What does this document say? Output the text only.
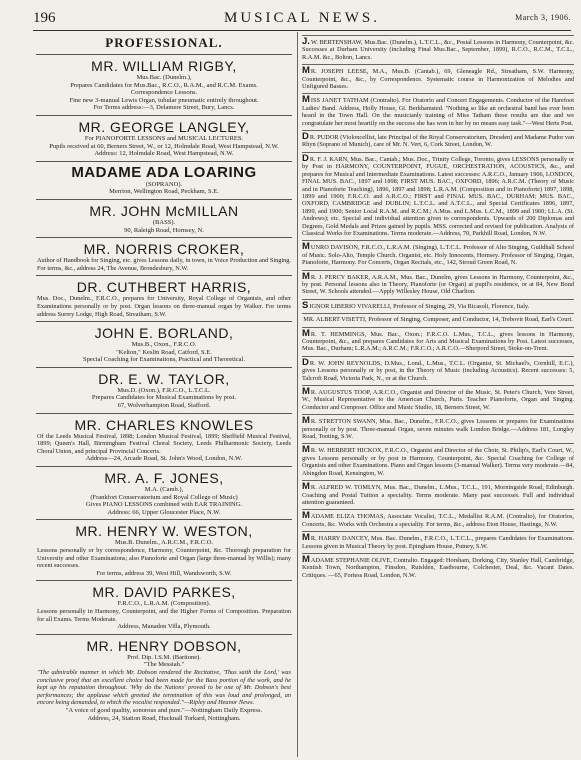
196	MUSICAL NEWS.	March 3, 1906.
PROFESSIONAL.
MR. WILLIAM RIGBY,
Mus.Bac. (Dunelm.),
Prepares Candidates for Mus.Bac., R.C.O., R.A.M., and R.C.M. Exams.
Correspondence Lessons.
Fine new 3-manual Lewis Organ, tubular pneumatic entirely throughout.
For Terms address:—3, Delamere Street, Bury, Lancs.
MR. GEORGE LANGLEY,
For PIANOFORTE LESSONS and MUSICAL LECTURES.
Pupils received at 60, Berners Street, W., or 12, Holmdale Road, West Hampstead, N.W.
Address: 12, Holmdale Road, West Hampstead, N.W.
MADAME ADA LOARING
(SOPRANO).
Merrion, Wellington Road, Peckham, S.E.
MR. JOHN McMILLAN
(BASS).
90, Raleigh Road, Hornsey, N.
MR. NORRIS CROKER,
Author of Handbook for Singing, etc. gives Lessons daily, in town, in Voice Production and Singing. For terms, &c., address 24, The Avenue, Brondesbury, N.W.
DR. CUTHBERT HARRIS,
Mus. Doc., Dunelm., F.R.C.O., prepares for University, Royal College of Organists, and other Examinations personally or by post. Organ lessons on three-manual organ by Walker. For terms address Surrey Lodge, High Road, Streatham, S.W.
JOHN E. BORLAND,
Mus.B., Oxon., F.R.C.O.
"Kelton," Keslin Road, Catford, S.E.
Special Coaching for Examinations, Practical and Theoretical.
DR. E. W. TAYLOR,
Mus.D. (Oxon.), F.R.C.O., L.T.C.L.
Prepares Candidates for Musical Examinations by post.
67, Wolverhampton Road, Stafford.
MR. CHARLES KNOWLES
Of the Leeds Musical Festival, 1898; London Musical Festival, 1899; Sheffield Musical Festival, 1899; Queen's Hall, Birmingham Festival Choral Society, Leeds Philharmonic Society, Leeds Choral Union, and principal Provincial Concerts.
Address—24, Arcade Road, St. John's Wood, London, N.W.
MR. A. F. JONES,
M.A. (Camb.),
(Frankfort Conservatorium and Royal College of Music)
Gives PIANO LESSONS combined with EAR TRAINING.
Address: 66, Upper Gloucester Place, N.W.
MR. HENRY W. WESTON,
Mus.B. Dunelm., A.R.C.M., F.R.C.O.
Lessons personally or by correspondence, Harmony, Counterpoint, &c. Thorough preparation for University and other Examinations; also Pianoforte and Organ (large three-manual by Willis); many recent successes.
For terms, address 39, West Hill, Wandsworth, S.W.
MR. DAVID PARKES,
F.R.C.O., L.R.A.M. (Composition).
Lessons personally in Harmony, Counterpoint, and the Higher Forms of Composition. Preparation for all Exams. Terms Moderate.
Address, Manadon Villa, Plymouth.
MR. HENRY DOBSON,
Prof. Dip. I.S.M. (Baritone).
"The Messiah."
"The admirable manner in which Mr. Dobson rendered the Recitative, 'Thus saith the Lord,' was conclusive proof that an excellent choice had been made for the Bass portion of the work, and he kept up his reputation throughout. 'Why do the Nations' proved to be one of Mr. Dobson's best performances; the applause which greeted the termination of this was loud and prolonged, an encore being demanded, to which the vocalist responded."—Ripley and Heanor News.
"A voice of good quality, sonorous and pure."—Nottingham Daily Express.
Address, 24, Station Road, Hucknall Torkard, Nottingham.
J.W. BERTENSHAW, Mus.Bac. (Dunelm.), L.T.C.L., &c., Postal Lessons in Harmony, Counterpoint, &c. Successes at Durham University (including Final Mus.Bac., September, 1899), R.C.O., R.C.M., T.C.L., R.A.M. &c., Bolton, Lancs.
MR. JOSEPH LEESE, M.A., Mus.B. (Cantab.), 69, Gleneagle Rd., Streatham, S.W. Harmony, Counterpoint, &c., &c., by Correspondence. Systematic course in Harmonization of Melodies and Unfigured Basses.
MISS JANET TATHAM (Contralto). For Oratorio and Concert Engagements. Conductor of the Harefoot Ladies' Band. Address, Holly House, Gt. Berkhamsted. "Nothing so like an orchestral band has ever been heard in the Town Hall. On the musicianly training of Miss Tatham these results are due and we congratulate her most heartily on the success she has won in her by no means easy task."—West Herts Post.
DR. PUDOR (Violoncellist, late Principal of the Royal Conservatorium, Dresden) and Madame Pudor van Rhyn (Soprano of Munich), care of Mr. N. Vert, 6, Cork Street, London, W.
DR. F. J. KARN, Mus. Bac., Cantab.; Mus. Doc., Trinity College, Toronto, gives LESSONS personally or by Post in HARMONY, COUNTERPOINT, FUGUE, ORCHESTRATION, ACOUSTICS, &c., and prepares for Musical and Intermediate Examinations. Latest successes: A.R.C.O., January 1906, LONDON, FINAL MUS. BAC., 1897 and 1898; FIRST MUS. BAC., OXFORD, 1896; A.R.C.M. (Theory of Music and in Pianoforte Teaching), 1896, 1897 and 1898; L.R.A.M. (Composition and in Pianoforte) 1897, 1898, 1899 and 1900; F.R.C.O. and A.R.C.O.; FIRST and FINAL MUS. BAC., DURHAM; MUS. BAC., OXFORD, CAMBRIDGE and DUBLIN; L.T.C.L. and A.T.C.L., and Special Certificates 1896, 1897, 1899, and 1900; Senior Local R.A.M. and R.C.M.; A.Mus. and L.Mus. L.C.M., 1899 and 1900; LL.A. (St. Andrews); etc. Special and individual attention given to correspondents. Upwards of 200 Diplomas and Degrees, Gold Medals and Prizes gained by pupils. MSS. corrected and revised for publication. Analysis of Classical Works for Examinations. Terms moderate.—Address, 70, Parkhill Road, London, N.W.
MUNRO DAVISON, F.R.C.O., L.R.A.M. (Singing), L.T.C.L. Professor of Alto Singing, Guildhall School of Music. Solo-Alto, Temple Church. Organist, etc. Holy Innocents, Hornsey. Professor of Singing, Organ, Pianoforte, Harmony. For Concerts, Organ Recitals, etc., 142, Stroud Green Road, N.
MR. J. PERCY BAKER, A.R.A.M., Mus. Bac., Dunelm, gives Lessons in Harmony, Counterpoint, &c., by post. Personal lessons also in Theory, Pianoforte (or Organ) at pupil's residence, or at 84, New Bond Street, W. Schools attended.—Apply Willesley House, Old Charlton.
SIGNOR LIBERIO VIVARELLI, Professor of Singing, 29, Via Ricasoli, Florence, Italy.
MR. ALBERT VISETTI, Professor of Singing, Composer, and Conductor, 14, Trebovir Road, Earl's Court.
MR. T. HEMMINGS, Mus. Bac., Oxon.; F.R.C.O. L.Mus., T.C.L., gives lessons in Harmony, Counterpoint, &c., and prepares Candidates for Arts and Musical Examinations by Post. Latest successes, Mus. Bac., Durham; L.R.A.M.; A.R.C.M.; F.R.C.O.; A.R.C.O.—Sherpord Street, Stoke-on-Trent.
DR. W. JOHN REYNOLDS, D.Mus., Lond., L.Mus., T.C.L. (Organist, St. Michael's, Cornhill, E.C.), gives Lessons personally or by post, in the Theory of Music (including Acoustics). Recent successes: 5, Talcroft Road, Victoria Park, N., or at the Church.
MR. AUGUSTUS TOOP, A.R.C.O., Organist and Director of the Music, St. Peter's Church, Vere Street, W., Musical Representative to the American Church, Paris. Teacher Pianoforte, Organ and Singing. Conductor and Composer. Office and Music Studio, 18, Berners Street, W.
MR. STRETTON SWANN, Mus. Bac., Dunelm., F.R.C.O., gives Lessons or prepares for Examinations personally or by post. Three-manual Organ, seven minutes walk London Bridge.—Address 181, Longley Road, Tooting, S.W.
MR. W. HERBERT HICKOX, F.R.C.O., Organist and Director of the Choir, St. Philip's, Earl's Court, W., gives Lessons personally or by post in Harmony, Counterpoint, &c. Special Coaching for College of Organists and other Examinations. Piano and Organ lessons (3-manual Walker). Terms very moderate.—84, Abingdon Road, Kensington, W.
MR. ALFRED W. TOMLYN, Mus. Bac., Dunelm., L.Mus., T.C.L., 191, Morningside Road, Edinburgh. Coaching and Postal Tuition a speciality. Terms moderate. Many past successes. Full and individual attention guaranteed.
MADAME ELIZA THOMAS, Associate Vocalist, T.C.L., Medallist R.A.M. (Contralto), for Oratorios, Concerts, &c. Works with Orchestra a speciality. For terms, &c., address Eton House, Hastings, N.W.
MR. HARRY DANCEY, Mus. Bac. Dunelm., F.R.C.O., L.T.C.L., prepares Candidates for Examinations. Lessons given in Musical Theory by post. Epingham House, Putney, S.W.
MADAME STEPHANIE OLIVE, Contralto. Engaged: Horsham, Dorking, City, Stanley Hall, Cambridge, Kentish Town, Northampton, Finsdon, Ruislden, Eastbourne, Colchester, Deal, &c. Vacant Dates. Critiques. —65, Fortess Road, London, N.W.
